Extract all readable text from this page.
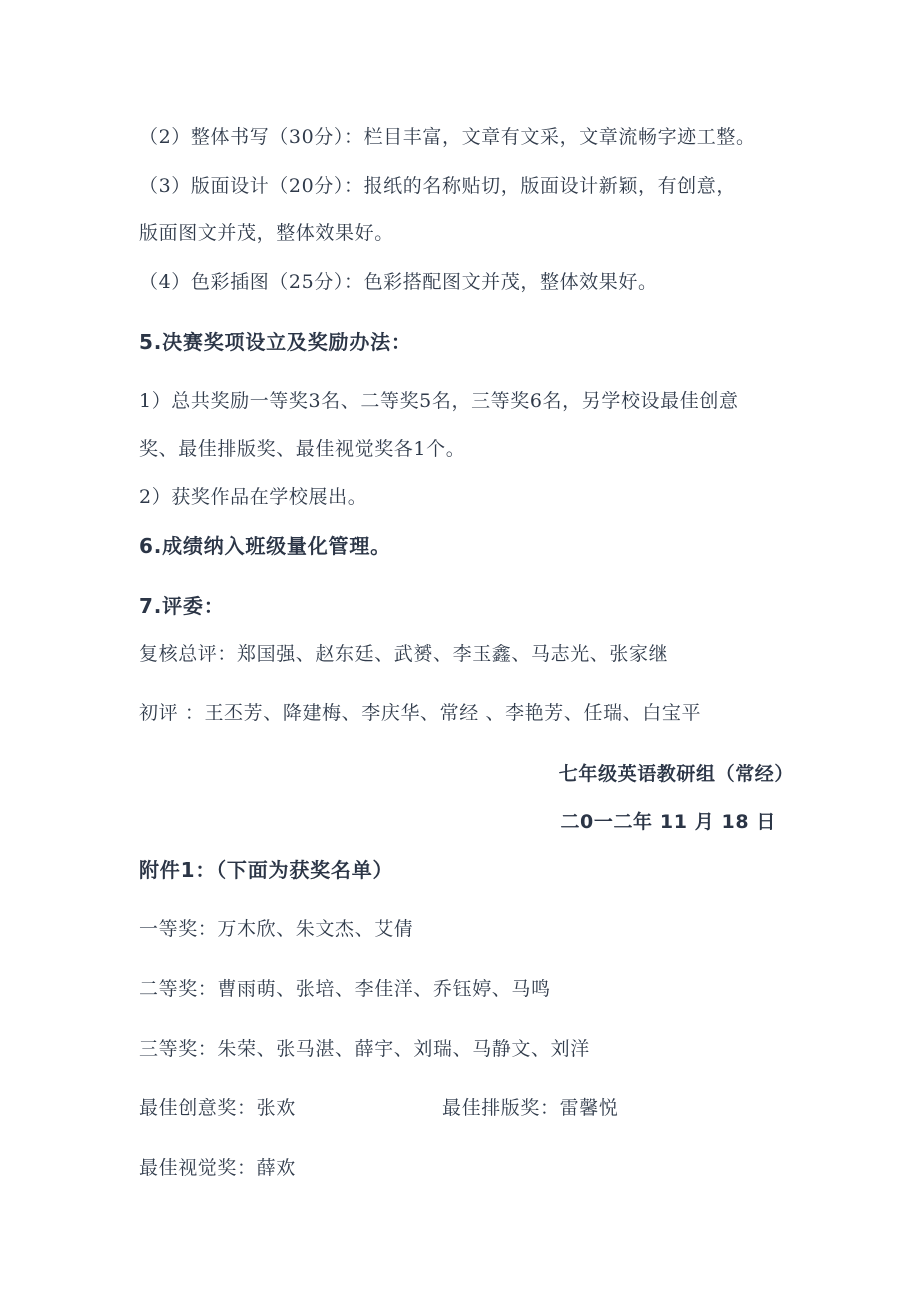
（2）整体书写（30分）：栏目丰富，文章有文采，文章流畅字迹工整。
（3）版面设计（20分）：报纸的名称贴切，版面设计新颖，有创意，
版面图文并茂，整体效果好。
（4）色彩插图（25分）：色彩搭配图文并茂，整体效果好。
5.决赛奖项设立及奖励办法：
1）总共奖励一等奖3名、二等奖5名，三等奖6名，另学校设最佳创意
奖、最佳排版奖、最佳视觉奖各1个。
2）获奖作品在学校展出。
6.成绩纳入班级量化管理。
7.评委：
复核总评：郑国强、赵东廷、武赟、李玉鑫、马志光、张家继
初评 ：王丕芳、降建梅、李庆华、常经 、李艳芳、任瑞、白宝平
七年级英语教研组（常经）
二0一二年 11 月 18 日
附件1：（下面为获奖名单）
一等奖：万木欣、朱文杰、艾倩
二等奖：曹雨萌、张培、李佳洋、乔钰婷、马鸣
三等奖：朱荣、张马湛、薛宇、刘瑞、马静文、刘洋
最佳创意奖：张欢	最佳排版奖：雷馨悦
最佳视觉奖：薛欢
